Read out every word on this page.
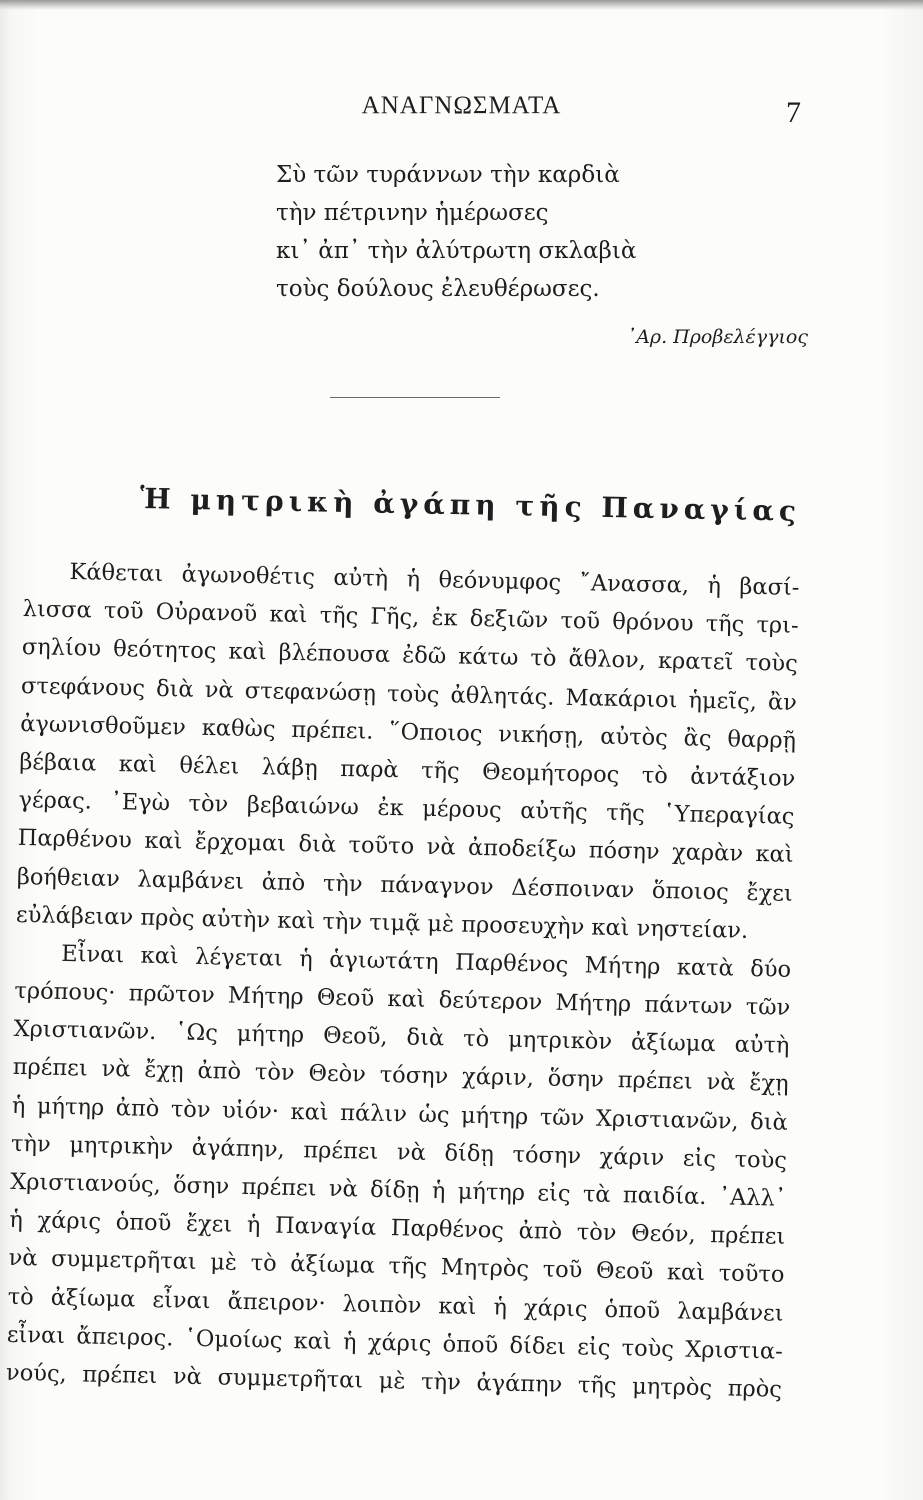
ΑΝΑΓΝΩΣΜΑΤΑ	7
Σὺ τῶν τυράννων τὴν καρδιὰ
τὴν πέτρινην ἡμέρωσες
κι᾽ ἀπ᾽ τὴν ἀλύτρωτη σκλαβιὰ
τοὺς δούλους ἐλευθέρωσες.
᾽Αρ. Προβελέγγιος
Ἡ μητρικὴ ἀγάπη τῆς Παναγίας
Κάθεται ἀγωνοθέτις αὐτὴ ἡ θεόνυμφος ῎Ανασσα, ἡ βασί-
λισσα τοῦ Οὐρανοῦ καὶ τῆς Γῆς, ἐκ δεξιῶν τοῦ θρόνου τῆς τρι-
σηλίου θεότητος καὶ βλέπουσα ἐδῶ κάτω τὸ ἄθλον, κρατεῖ τοὺς
στεφάνους διὰ νὰ στεφανώσῃ τοὺς ἀθλητάς. Μακάριοι ἡμεῖς, ἂν
ἀγωνισθοῦμεν καθὼς πρέπει. ῞Οποιος νικήσῃ, αὐτὸς ἂς θαρρῇ
βέβαια καὶ θέλει λάβῃ παρὰ τῆς Θεομήτορος τὸ ἀντάξιον
γέρας. ᾽Εγὼ τὸν βεβαιώνω ἐκ μέρους αὐτῆς τῆς ῾Υπεραγίας
Παρθένου καὶ ἔρχομαι διὰ τοῦτο νὰ ἀποδείξω πόσην χαρὰν καὶ
βοήθειαν λαμβάνει ἀπὸ τὴν πάναγνον Δέσποιναν ὅποιος ἔχει
εὐλάβειαν πρὸς αὐτὴν καὶ τὴν τιμᾷ μὲ προσευχὴν καὶ νηστείαν.
Εἶναι καὶ λέγεται ἡ ἁγιωτάτη Παρθένος Μήτηρ κατὰ δύο
τρόπους· πρῶτον Μήτηρ Θεοῦ καὶ δεύτερον Μήτηρ πάντων τῶν
Χριστιανῶν. ῾Ως μήτηρ Θεοῦ, διὰ τὸ μητρικὸν ἀξίωμα αὐτὴ
πρέπει νὰ ἔχῃ ἀπὸ τὸν Θεὸν τόσην χάριν, ὅσην πρέπει νὰ ἔχῃ
ἡ μήτηρ ἀπὸ τὸν υἱόν· καὶ πάλιν ὡς μήτηρ τῶν Χριστιανῶν, διὰ
τὴν μητρικὴν ἀγάπην, πρέπει νὰ δίδῃ τόσην χάριν εἰς τοὺς
Χριστιανούς, ὅσην πρέπει νὰ δίδῃ ἡ μήτηρ εἰς τὰ παιδία. ᾽Αλλ᾽
ἡ χάρις ὁποῦ ἔχει ἡ Παναγία Παρθένος ἀπὸ τὸν Θεόν, πρέπει
νὰ συμμετρῆται μὲ τὸ ἀξίωμα τῆς Μητρὸς τοῦ Θεοῦ καὶ τοῦτο
τὸ ἀξίωμα εἶναι ἄπειρον· λοιπὸν καὶ ἡ χάρις ὁποῦ λαμβάνει
εἶναι ἄπειρος. ῾Ομοίως καὶ ἡ χάρις ὁποῦ δίδει εἰς τοὺς Χριστια-
νούς, πρέπει νὰ συμμετρῆται μὲ τὴν ἀγάπην τῆς μητρὸς πρὸς
